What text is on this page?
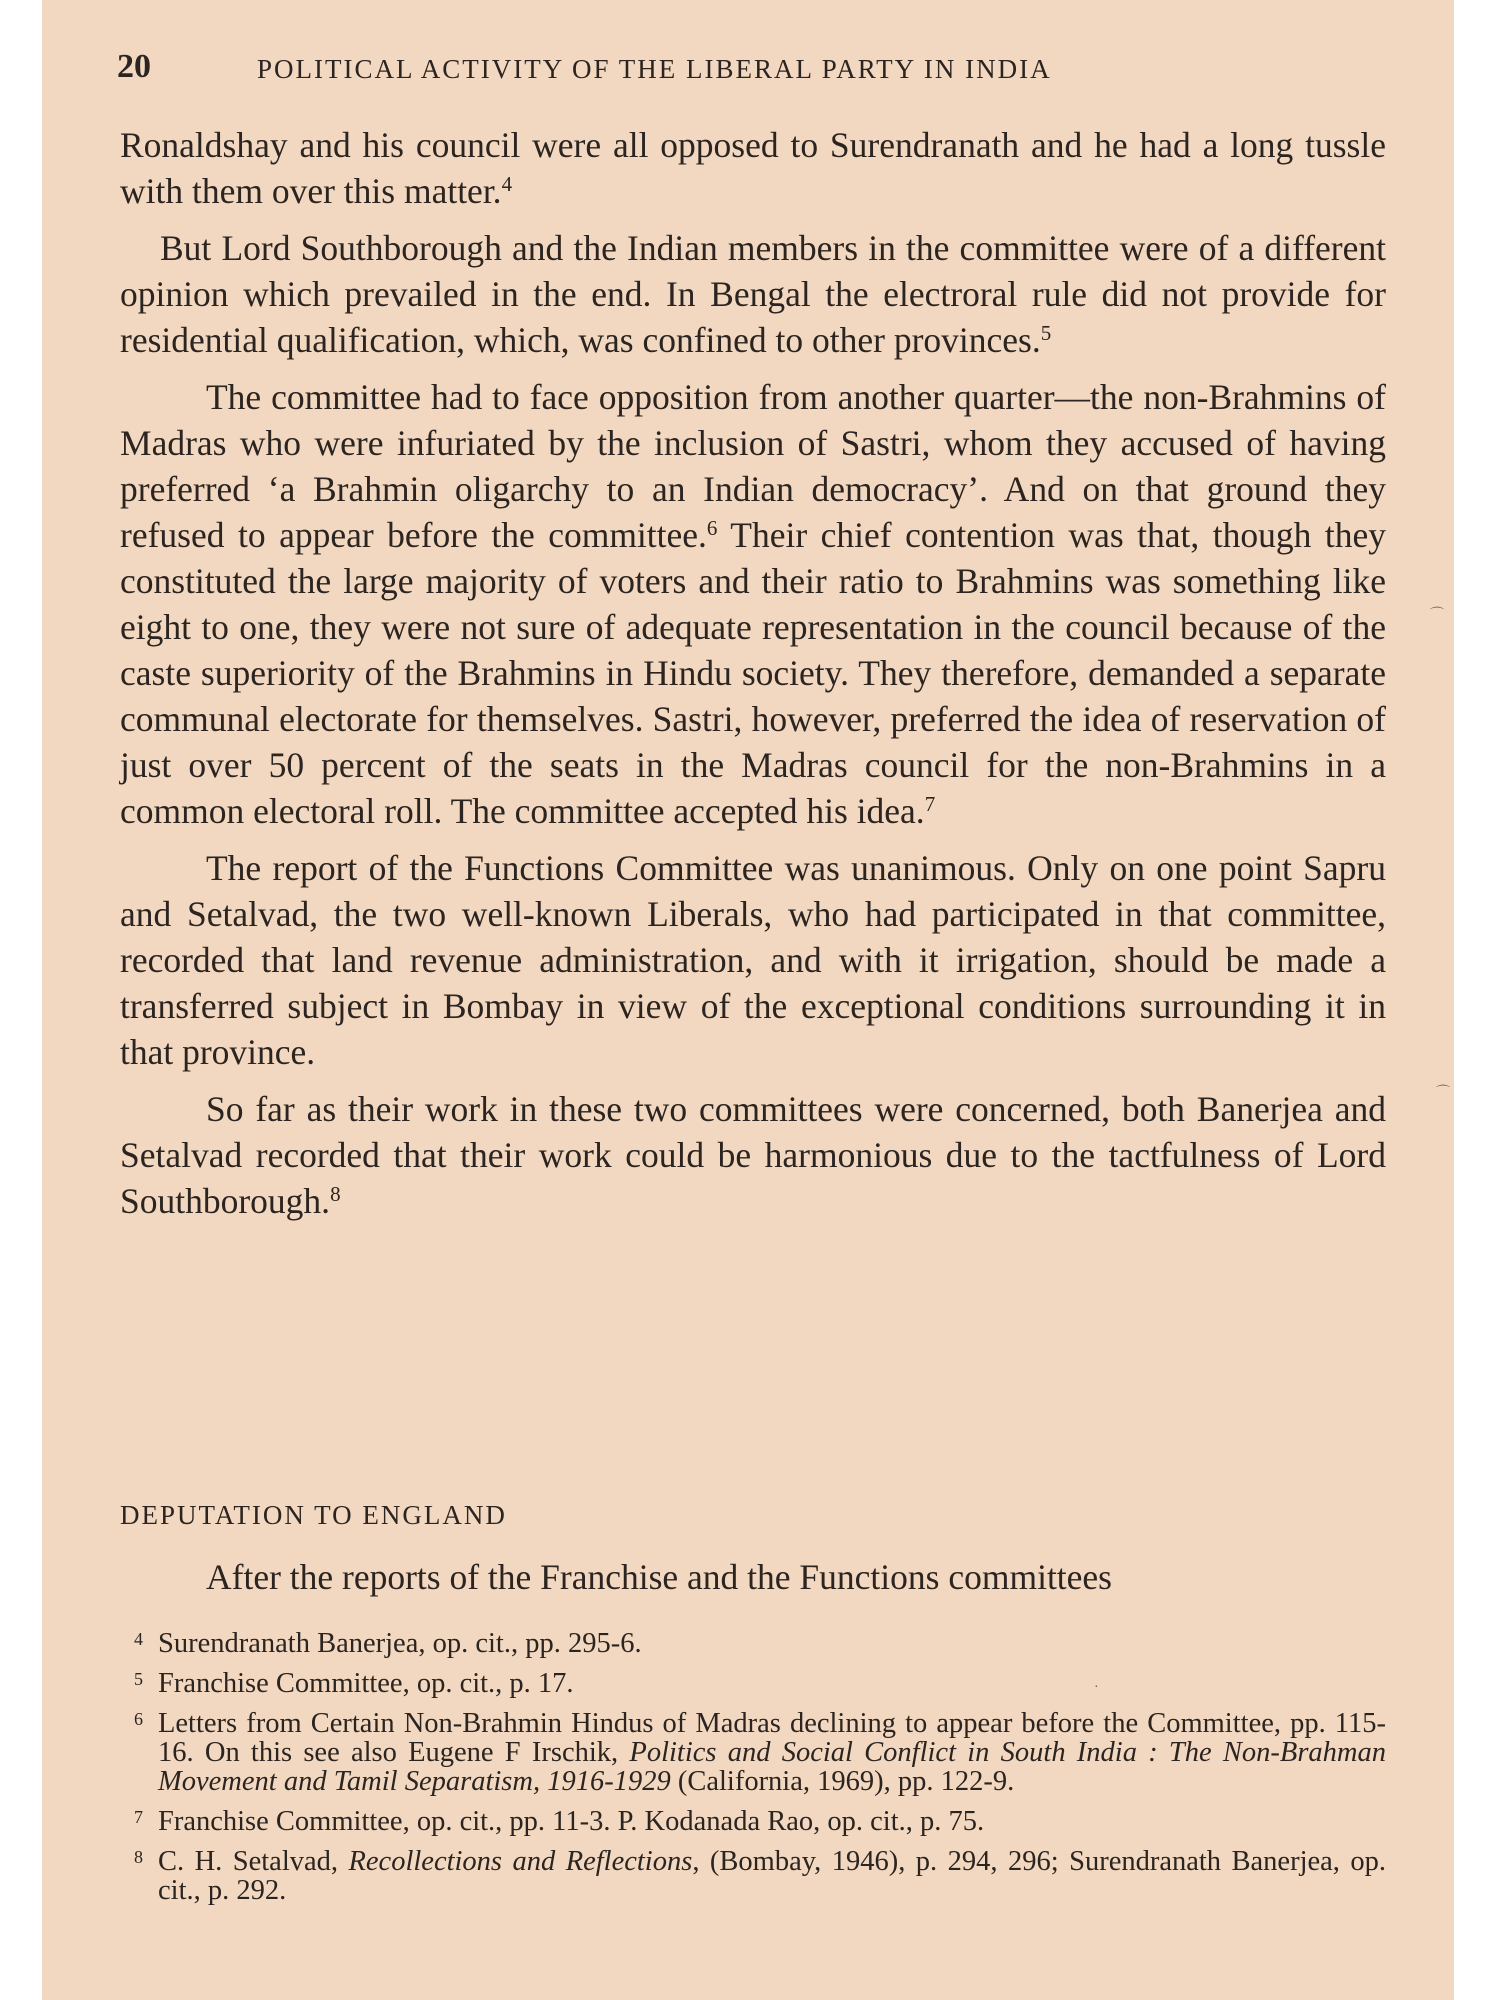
20	POLITICAL ACTIVITY OF THE LIBERAL PARTY IN INDIA

Ronaldshay and his council were all opposed to Surendranath and he had a long tussle with them over this matter.$^4$

But Lord Southborough and the Indian members in the committee were of a different opinion which prevailed in the end. In Bengal the electroral rule did not provide for residential qualification, which, was confined to other provinces.$^5$

The committee had to face opposition from another quarter—the non-Brahmins of Madras who were infuriated by the inclusion of Sastri, whom they accused of having preferred ‘a Brahmin oligarchy to an Indian democracy’. And on that ground they refused to appear before the committee.$^6$ Their chief contention was that, though they constituted the large majority of voters and their ratio to Brahmins was something like eight to one, they were not sure of adequate representation in the council because of the caste superiority of the Brahmins in Hindu society. They therefore, demanded a separate communal electorate for themselves. Sastri, however, preferred the idea of reservation of just over 50 percent of the seats in the Madras council for the non-Brahmins in a common electoral roll. The committee accepted his idea.$^7$

The report of the Functions Committee was unanimous. Only on one point Sapru and Setalvad, the two well-known Liberals, who had participated in that committee, recorded that land revenue administration, and with it irrigation, should be made a transferred subject in Bombay in view of the exceptional conditions surrounding it in that province.

So far as their work in these two committees were concerned, both Banerjea and Setalvad recorded that their work could be harmonious due to the tactfulness of Lord Southborough.$^8$

DEPUTATION TO ENGLAND
After the reports of the Franchise and the Functions committees
4 Surendranath Banerjea, op. cit., pp. 295-6.
5 Franchise Committee, op. cit., p. 17.
6 Letters from Certain Non-Brahmin Hindus of Madras declining to appear before the Committee, pp. 115-16. On this see also Eugene F Irschik, Politics and Social Conflict in South India : The Non-Brahman Movement and Tamil Separatism, 1916-1929 (California, 1969), pp. 122-9.
7 Franchise Committee, op. cit., pp. 11-3. P. Kodanada Rao, op. cit., p. 75.
8 C. H. Setalvad, Recollections and Reflections, (Bombay, 1946), p. 294, 296; Surendranath Banerjea, op. cit., p. 292.
⌒
⌒
·
